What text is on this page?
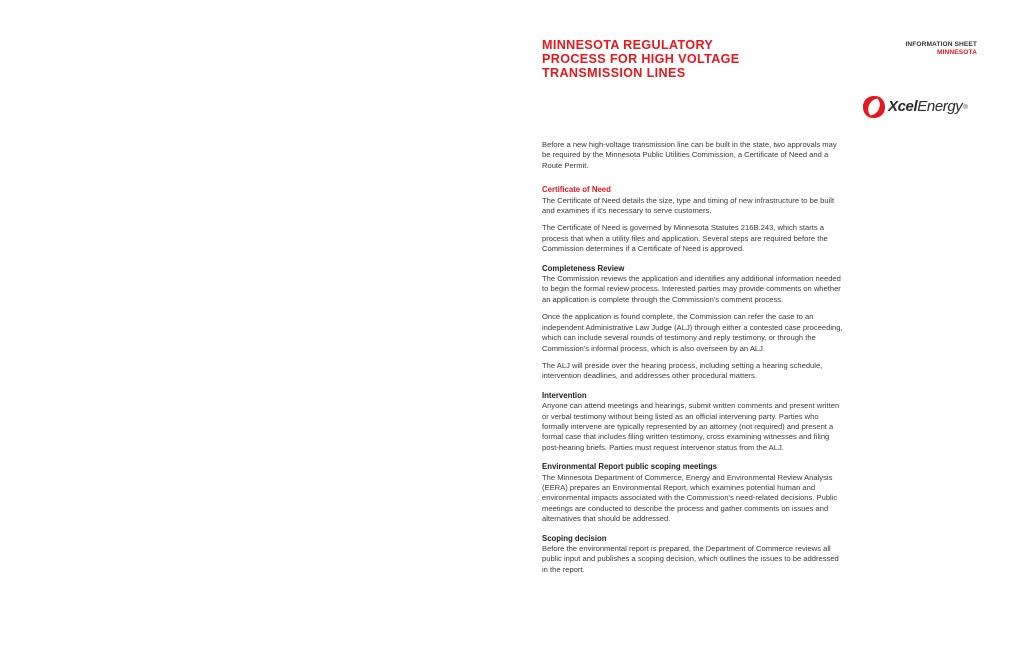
MINNESOTA REGULATORY
PROCESS FOR HIGH VOLTAGE
TRANSMISSION LINES
INFORMATION SHEET
MINNESOTA
XcelEnergy®

Before a new high-voltage transmission line can be built in the state, two approvals may be required by the Minnesota Public Utilities Commission, a Certificate of Need and a Route Permit.

Certificate of Need

The Certificate of Need details the size, type and timing of new infrastructure to be built and examines if it's necessary to serve customers.

The Certificate of Need is governed by Minnesota Statutes 216B.243, which starts a process that when a utility files and application. Several steps are required before the Commission determines if a Certificate of Need is approved.

Completeness Review

The Commission reviews the application and identifies any additional information needed to begin the formal review process. Interested parties may provide comments on whether an application is complete through the Commission's comment process.

Once the application is found complete, the Commission can refer the case to an independent Administrative Law Judge (ALJ) through either a contested case proceeding, which can include several rounds of testimony and reply testimony, or through the Commission's informal process, which is also overseen by an ALJ.

The ALJ will preside over the hearing process, including setting a hearing schedule, intervention deadlines, and addresses other procedural matters.

Intervention

Anyone can attend meetings and hearings, submit written comments and present written or verbal testimony without being listed as an official intervening party. Parties who formally intervene are typically represented by an attorney (not required) and present a formal case that includes filing written testimony, cross examining witnesses and filing post-hearing briefs. Parties must request intervenor status from the ALJ.

Environmental Report public scoping meetings

The Minnesota Department of Commerce, Energy and Environmental Review Analysis (EERA) prepares an Environmental Report, which examines potential human and environmental impacts associated with the Commission's need-related decisions. Public meetings are conducted to describe the process and gather comments on issues and alternatives that should be addressed.

Scoping decision

Before the environmental report is prepared, the Department of Commerce reviews all public input and publishes a scoping decision, which outlines the issues to be addressed in the report.
